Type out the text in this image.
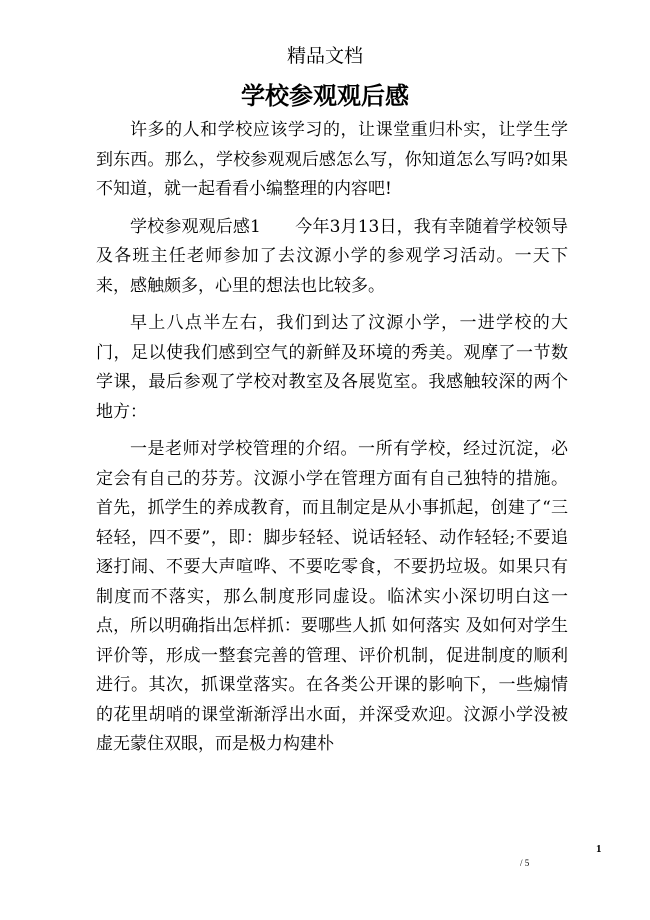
精品文档
学校参观观后感

许多的人和学校应该学习的，让课堂重归朴实，让学生学到东西。那么，学校参观观后感怎么写，你知道怎么写吗?如果不知道，就一起看看小编整理的内容吧!

学校参观观后感1　　今年3月13日，我有幸随着学校领导及各班主任老师参加了去汶源小学的参观学习活动。一天下来，感触颇多，心里的想法也比较多。

早上八点半左右，我们到达了汶源小学，一进学校的大门，足以使我们感到空气的新鲜及环境的秀美。观摩了一节数学课，最后参观了学校对教室及各展览室。我感触较深的两个地方：

一是老师对学校管理的介绍。一所有学校，经过沉淀，必定会有自己的芬芳。汶源小学在管理方面有自己独特的措施。首先，抓学生的养成教育，而且制定是从小事抓起，创建了“三轻轻，四不要”，即：脚步轻轻、说话轻轻、动作轻轻;不要追逐打闹、不要大声喧哗、不要吃零食，不要扔垃圾。如果只有制度而不落实，那么制度形同虚设。临沭实小深切明白这一点，所以明确指出怎样抓：要哪些人抓 如何落实 及如何对学生评价等，形成一整套完善的管理、评价机制，促进制度的顺利进行。其次，抓课堂落实。在各类公开课的影响下，一些煽情的花里胡哨的课堂渐渐浮出水面，并深受欢迎。汶源小学没被虚无蒙住双眼，而是极力构建朴

1
/ 5
